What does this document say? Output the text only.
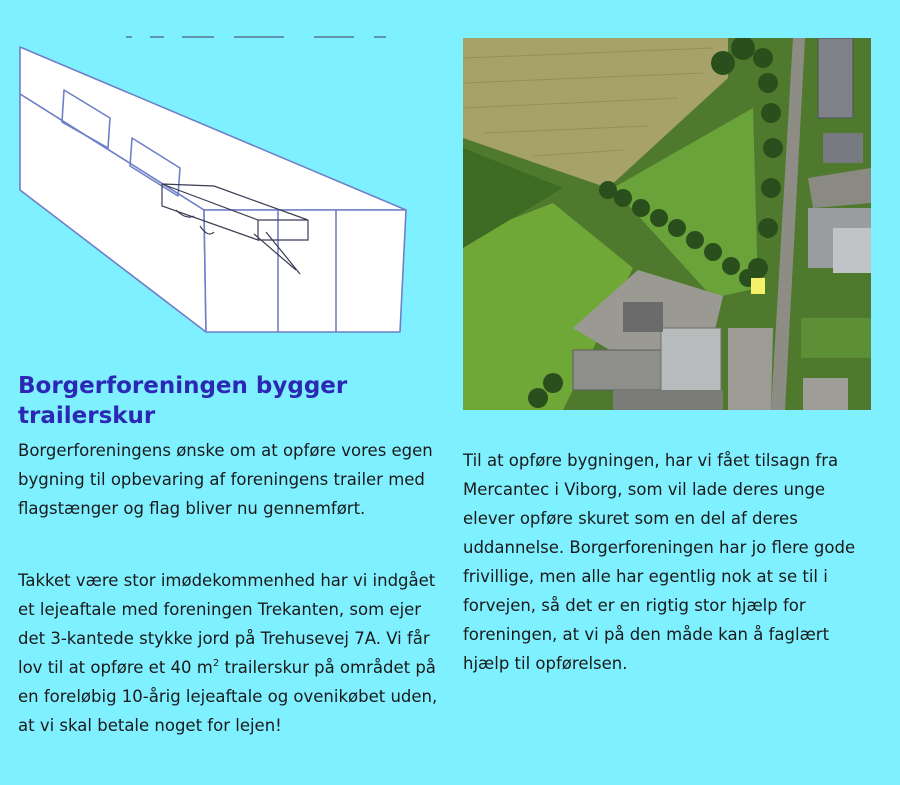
Borgerforeningen bygger trailerskur

Borgerforeningens ønske om at opføre vores egen bygning til opbevaring af foreningens trailer med flagstænger og flag bliver nu gennemført.

Takket være stor imødekommenhed har vi indgået et lejeaftale med foreningen Trekanten, som ejer det 3-kantede stykke jord på Trehusevej 7A. Vi får lov til at opføre et 40 $m^2$ trailerskur på området på en foreløbig 10-årig lejeaftale og ovenikøbet uden, at vi skal betale noget for lejen!

Til at opføre bygningen, har vi fået tilsagn fra Mercantec i Viborg, som vil lade deres unge elever opføre skuret som en del af deres uddannelse. Borgerforeningen har jo flere gode frivillige, men alle har egentlig nok at se til i forvejen, så det er en rigtig stor hjælp for foreningen, at vi på den måde kan å faglært hjælp til opførelsen.
